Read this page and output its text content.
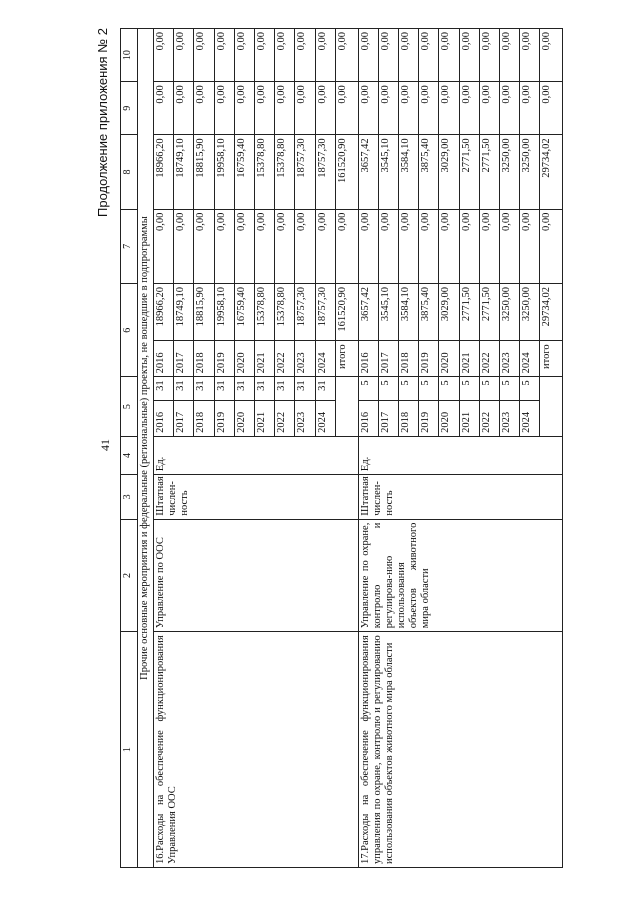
41
Продолжение приложения № 2
1	2	3	4	5		6		7	8	9	10
Прочие основные мероприятия и федеральные (региональные) проекты, не вошедшие в подпрограммы											
16.Расходы на обеспечение функционирования Управления ООС	Управление по ООС	Штатная числен-ность	Ед.	2016	31	2016	18966,20	0,00	18966,20	0,00	0,00
				2017	31	2017	18749,10	0,00	18749,10	0,00	0,00
				2018	31	2018	18815,90	0,00	18815,90	0,00	0,00
				2019	31	2019	19958,10	0,00	19958,10	0,00	0,00
				2020	31	2020	16759,40	0,00	16759,40	0,00	0,00
				2021	31	2021	15378,80	0,00	15378,80	0,00	0,00
				2022	31	2022	15378,80	0,00	15378,80	0,00	0,00
				2023	31	2023	18757,30	0,00	18757,30	0,00	0,00
				2024	31	2024	18757,30	0,00	18757,30	0,00	0,00
						итого	161520,90	0,00	161520,90	0,00	0,00
17.Расходы на обеспечение функционирования управления по охране, контролю и регулированию использования объектов животного мира области	Управление по охране, контролю и регулирова-нию использования объектов животного мира области	Штатная числен-ность	Ед.	2016	5	2016	3657,42	0,00	3657,42	0,00	0,00
				2017	5	2017	3545,10	0,00	3545,10	0,00	0,00
				2018	5	2018	3584,10	0,00	3584,10	0,00	0,00
				2019	5	2019	3875,40	0,00	3875,40	0,00	0,00
				2020	5	2020	3029,00	0,00	3029,00	0,00	0,00
				2021	5	2021	2771,50	0,00	2771,50	0,00	0,00
				2022	5	2022	2771,50	0,00	2771,50	0,00	0,00
				2023	5	2023	3250,00	0,00	3250,00	0,00	0,00
				2024	5	2024	3250,00	0,00	3250,00	0,00	0,00
						итого	29734,02	0,00	29734,02	0,00	0,00
